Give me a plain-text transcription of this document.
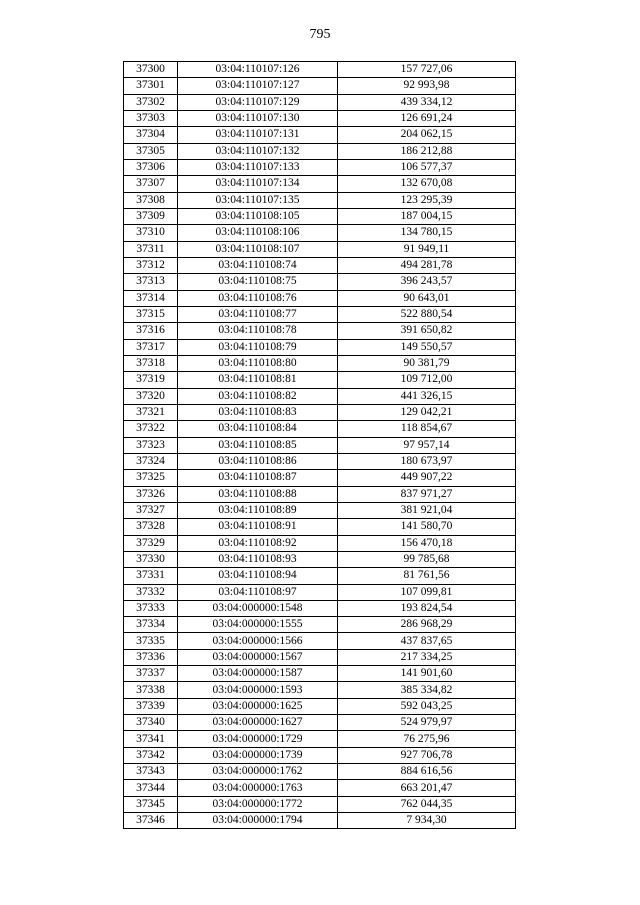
795
37300	03:04:110107:126	157 727,06
37301	03:04:110107:127	92 993,98
37302	03:04:110107:129	439 334,12
37303	03:04:110107:130	126 691,24
37304	03:04:110107:131	204 062,15
37305	03:04:110107:132	186 212,88
37306	03:04:110107:133	106 577,37
37307	03:04:110107:134	132 670,08
37308	03:04:110107:135	123 295,39
37309	03:04:110108:105	187 004,15
37310	03:04:110108:106	134 780,15
37311	03:04:110108:107	91 949,11
37312	03:04:110108:74	494 281,78
37313	03:04:110108:75	396 243,57
37314	03:04:110108:76	90 643,01
37315	03:04:110108:77	522 880,54
37316	03:04:110108:78	391 650,82
37317	03:04:110108:79	149 550,57
37318	03:04:110108:80	90 381,79
37319	03:04:110108:81	109 712,00
37320	03:04:110108:82	441 326,15
37321	03:04:110108:83	129 042,21
37322	03:04:110108:84	118 854,67
37323	03:04:110108:85	97 957,14
37324	03:04:110108:86	180 673,97
37325	03:04:110108:87	449 907,22
37326	03:04:110108:88	837 971,27
37327	03:04:110108:89	381 921,04
37328	03:04:110108:91	141 580,70
37329	03:04:110108:92	156 470,18
37330	03:04:110108:93	99 785,68
37331	03:04:110108:94	81 761,56
37332	03:04:110108:97	107 099,81
37333	03:04:000000:1548	193 824,54
37334	03:04:000000:1555	286 968,29
37335	03:04:000000:1566	437 837,65
37336	03:04:000000:1567	217 334,25
37337	03:04:000000:1587	141 901,60
37338	03:04:000000:1593	385 334,82
37339	03:04:000000:1625	592 043,25
37340	03:04:000000:1627	524 979,97
37341	03:04:000000:1729	76 275,96
37342	03:04:000000:1739	927 706,78
37343	03:04:000000:1762	884 616,56
37344	03:04:000000:1763	663 201,47
37345	03:04:000000:1772	762 044,35
37346	03:04:000000:1794	7 934,30
